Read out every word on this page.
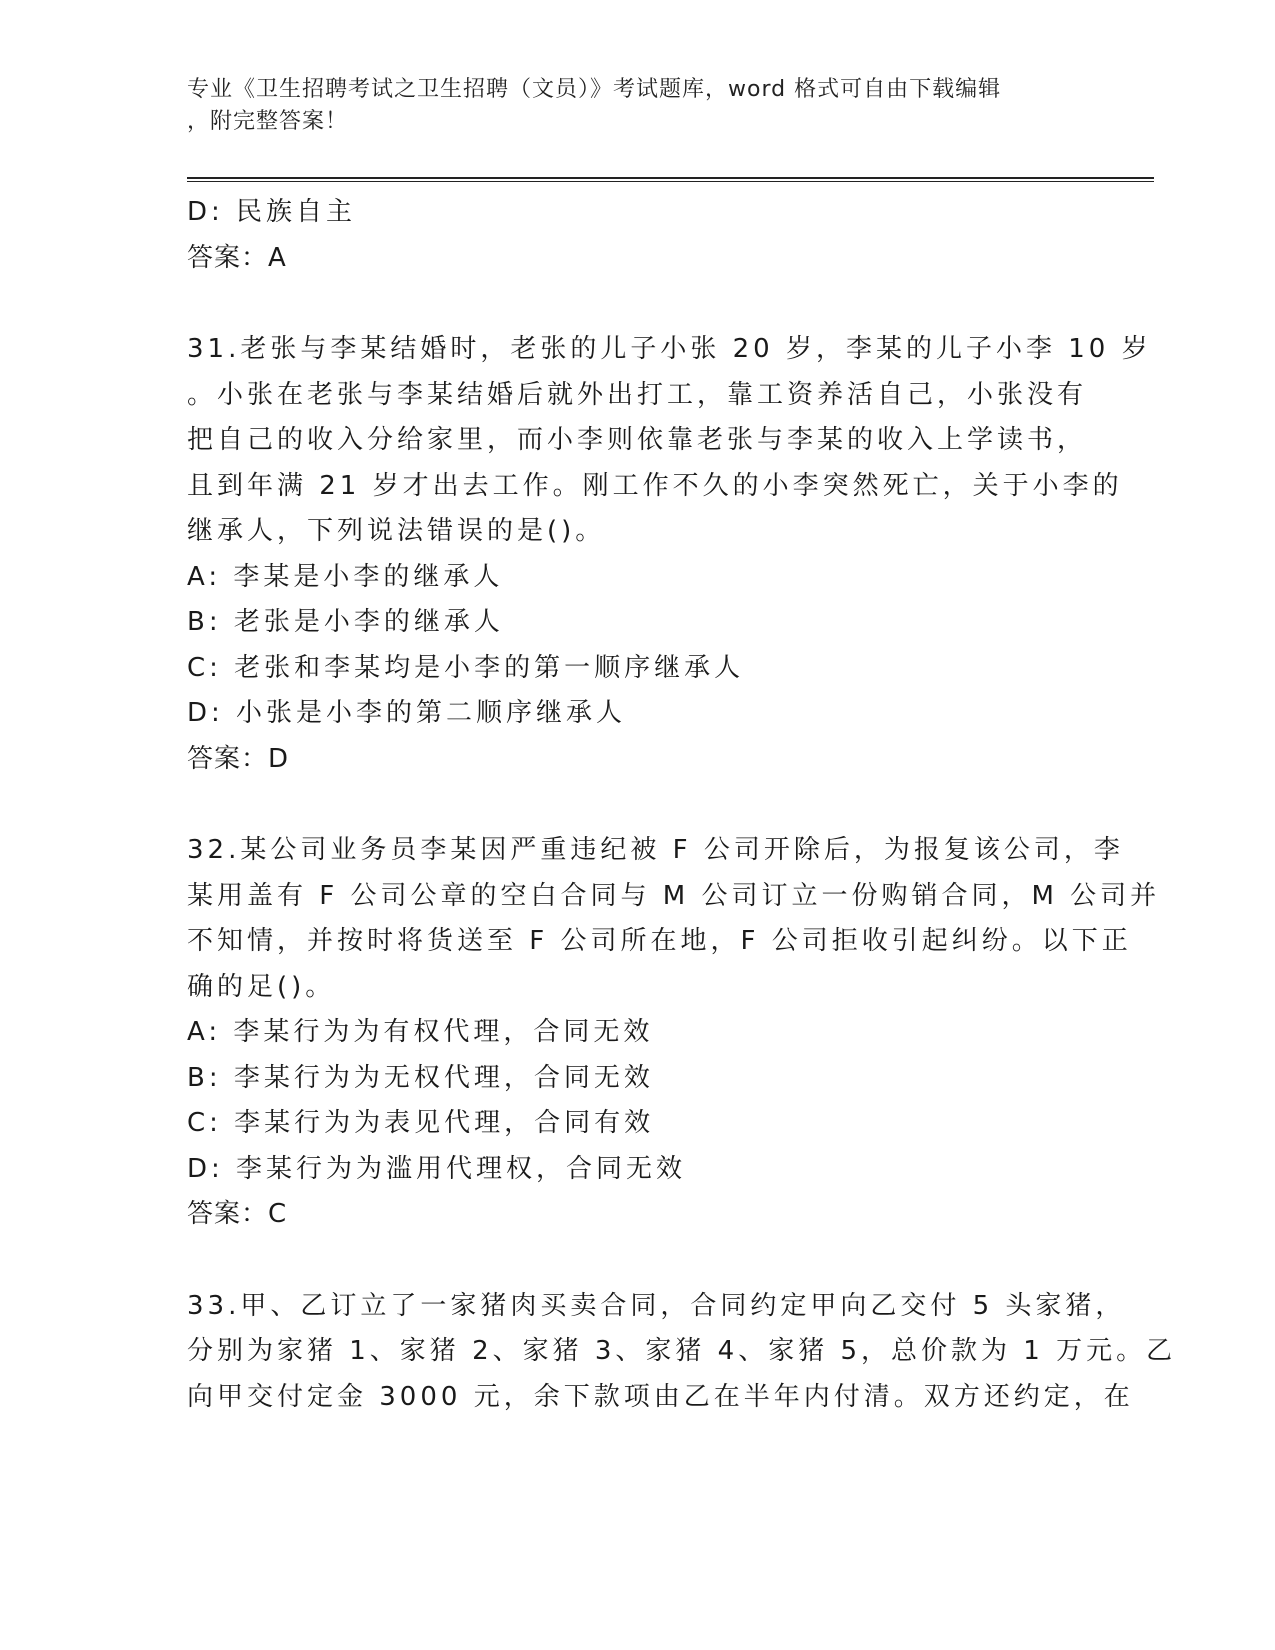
专业《卫生招聘考试之卫生招聘（文员）》考试题库，word 格式可自由下载编辑
，附完整答案！
D: 民族自主
答案：A
31.老张与李某结婚时，老张的儿子小张 20 岁，李某的儿子小李 10 岁
。小张在老张与李某结婚后就外出打工，靠工资养活自己，小张没有
把自己的收入分给家里，而小李则依靠老张与李某的收入上学读书，
且到年满 21 岁才出去工作。刚工作不久的小李突然死亡，关于小李的
继承人，下列说法错误的是()。
A: 李某是小李的继承人
B: 老张是小李的继承人
C: 老张和李某均是小李的第一顺序继承人
D: 小张是小李的第二顺序继承人
答案：D
32.某公司业务员李某因严重违纪被 F 公司开除后，为报复该公司，李
某用盖有 F 公司公章的空白合同与 M 公司订立一份购销合同，M 公司并
不知情，并按时将货送至 F 公司所在地，F 公司拒收引起纠纷。以下正
确的足()。
A: 李某行为为有权代理，合同无效
B: 李某行为为无权代理，合同无效
C: 李某行为为表见代理，合同有效
D: 李某行为为滥用代理权，合同无效
答案：C
33.甲、乙订立了一家猪肉买卖合同，合同约定甲向乙交付 5 头家猪，
分别为家猪 1、家猪 2、家猪 3、家猪 4、家猪 5，总价款为 1 万元。乙
向甲交付定金 3000 元，余下款项由乙在半年内付清。双方还约定，在
